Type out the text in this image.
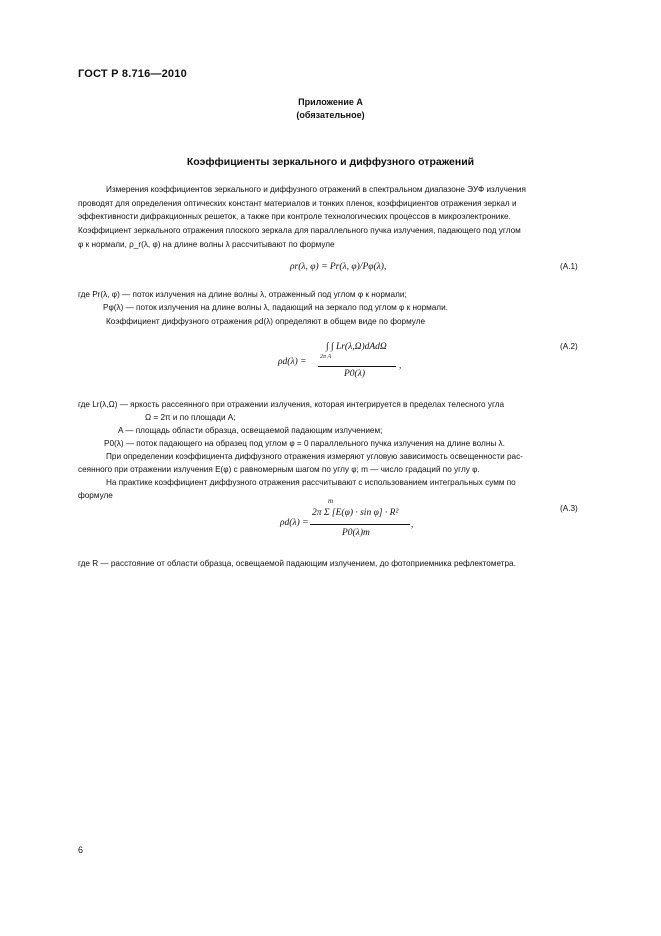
ГОСТ Р 8.716—2010
Приложение А
(обязательное)
Коэффициенты зеркального и диффузного отражений
Измерения коэффициентов зеркального и диффузного отражений в спектральном диапазоне ЭУФ излучения
проводят для определения оптических констант материалов и тонких пленок, коэффициентов отражения зеркал и
эффективности дифракционных решеток, а также при контроле технологических процессов в микроэлектронике.
Коэффициент зеркального отражения плоского зеркала для параллельного пучка излучения, падающего под углом
φ к нормали, ρ_r(λ, φ) на длине волны λ рассчитывают по формуле
ρr(λ, φ) = Pr(λ, φ)/Pφ(λ),	(A.1)
где Pr(λ, φ) — поток излучения на длине волны λ, отраженный под углом φ к нормали;
Pφ(λ) — поток излучения на длине волны λ, падающий на зеркало под углом φ к нормали.
Коэффициент диффузного отражения ρd(λ) определяют в общем виде по формуле
ρd(λ) =
∫ ∫ Lr(λ,Ω)dAdΩ
2π A
P0(λ)
,
(A.2)
где Lr(λ,Ω) — яркость рассеянного при отражении излучения, которая интегрируется в пределах телесного угла
Ω = 2π и по площади A;
A — площадь области образца, освещаемой падающим излучением;
P0(λ) — поток падающего на образец под углом φ = 0 параллельного пучка излучения на длине волны λ.
При определении коэффициента диффузного отражения измеряют угловую зависимость освещенности рас-
сеянного при отражении излучения E(φ) с равномерным шагом по углу φ; m — число градаций по углу φ.
На практике коэффициент диффузного отражения рассчитывают с использованием интегральных сумм по
формуле
ρd(λ) =
m
2π Σ [E(φ) · sin φ] · R²
P0(λ)m
,
(A.3)
где R — расстояние от области образца, освещаемой падающим излучением, до фотоприемника рефлектометра.
6
